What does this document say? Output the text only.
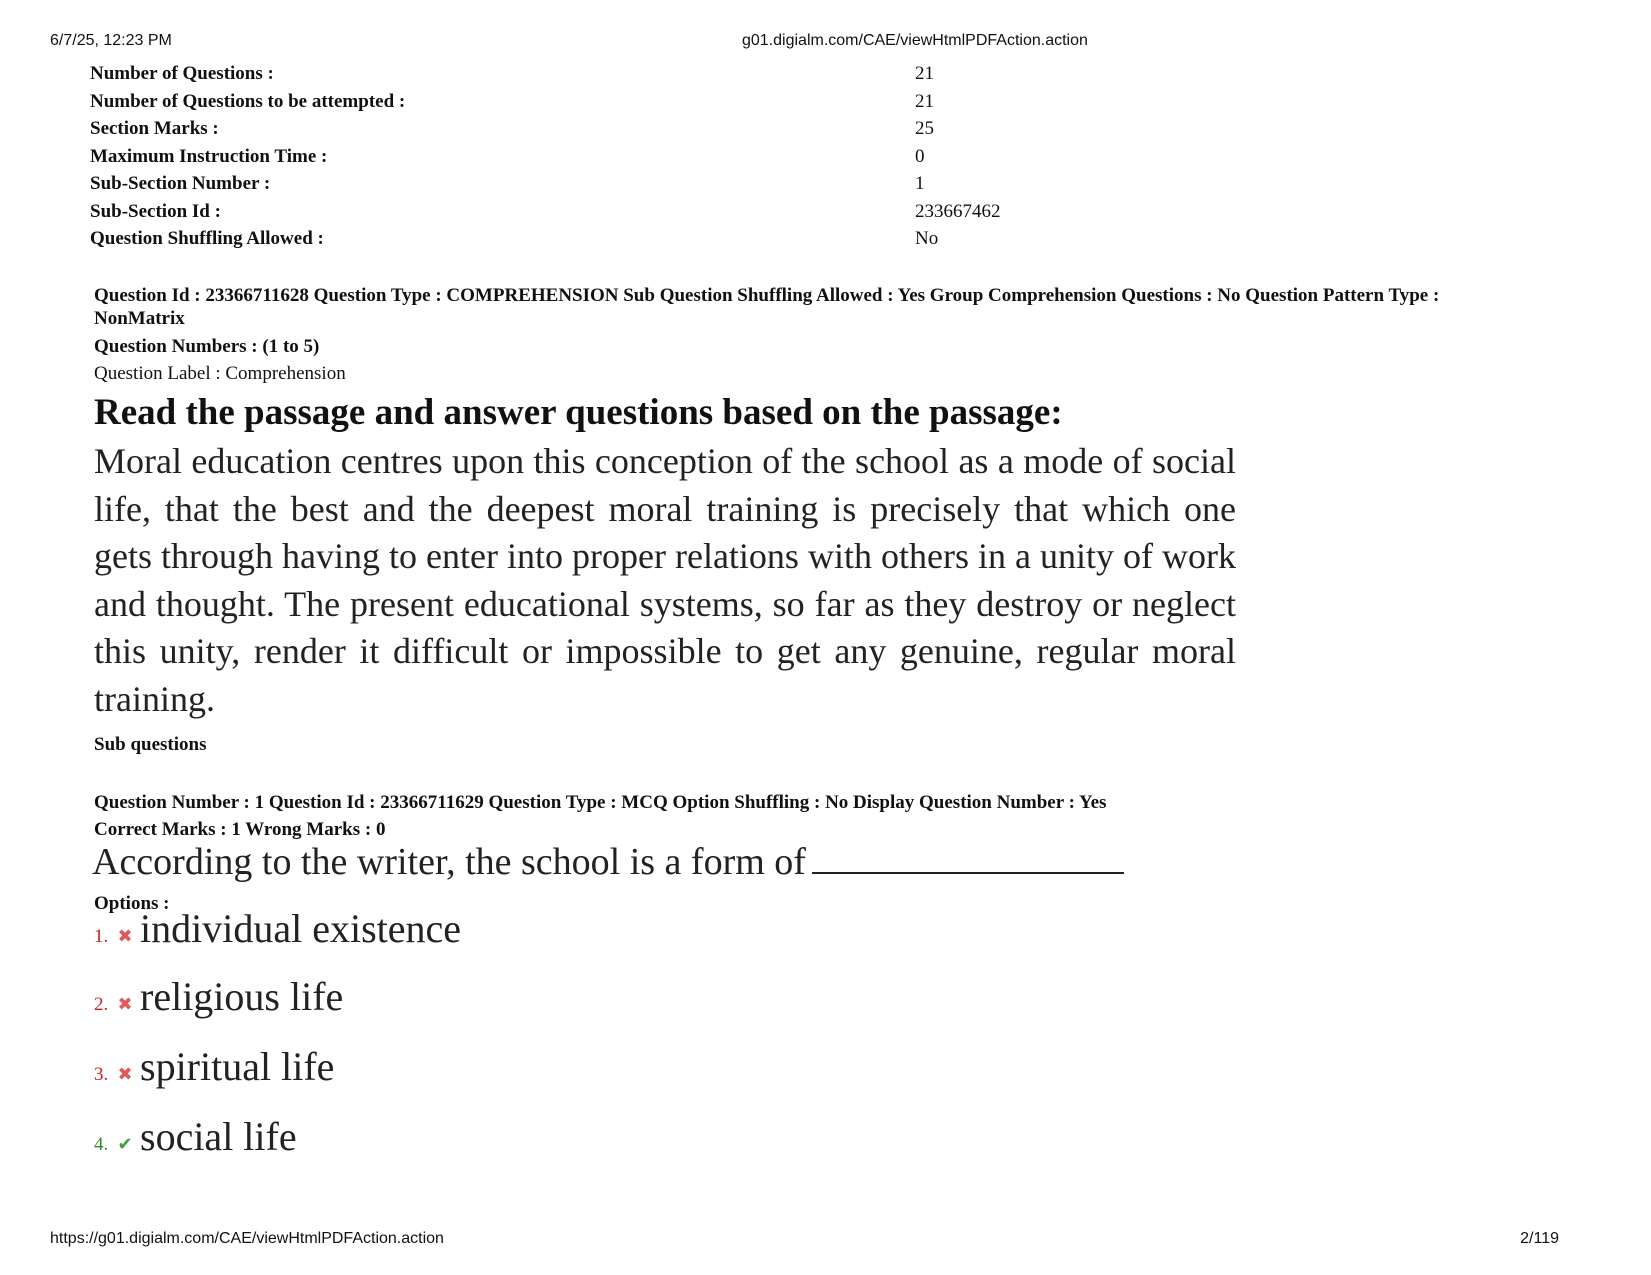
6/7/25, 12:23 PM	g01.digialm.com/CAE/viewHtmlPDFAction.action
Number of Questions :	21
Number of Questions to be attempted :	21
Section Marks :	25
Maximum Instruction Time :	0
Sub-Section Number :	1
Sub-Section Id :	233667462
Question Shuffling Allowed :	No
Question Id : 23366711628 Question Type : COMPREHENSION Sub Question Shuffling Allowed : Yes Group Comprehension Questions : No Question Pattern Type : NonMatrix
Question Numbers : (1 to 5)
Question Label : Comprehension
Read the passage and answer questions based on the passage:
Moral education centres upon this conception of the school as a mode of social life, that the best and the deepest moral training is precisely that which one gets through having to enter into proper relations with others in a unity of work and thought. The present educational systems, so far as they destroy or neglect this unity, render it difficult or impossible to get any genuine, regular moral training.
Sub questions
Question Number : 1 Question Id : 23366711629 Question Type : MCQ Option Shuffling : No Display Question Number : Yes
Correct Marks : 1 Wrong Marks : 0
According to the writer, the school is a form of
Options :
1. ✖ individual existence
2. ✖ religious life
3. ✖ spiritual life
4. ✔ social life
https://g01.digialm.com/CAE/viewHtmlPDFAction.action	2/119
